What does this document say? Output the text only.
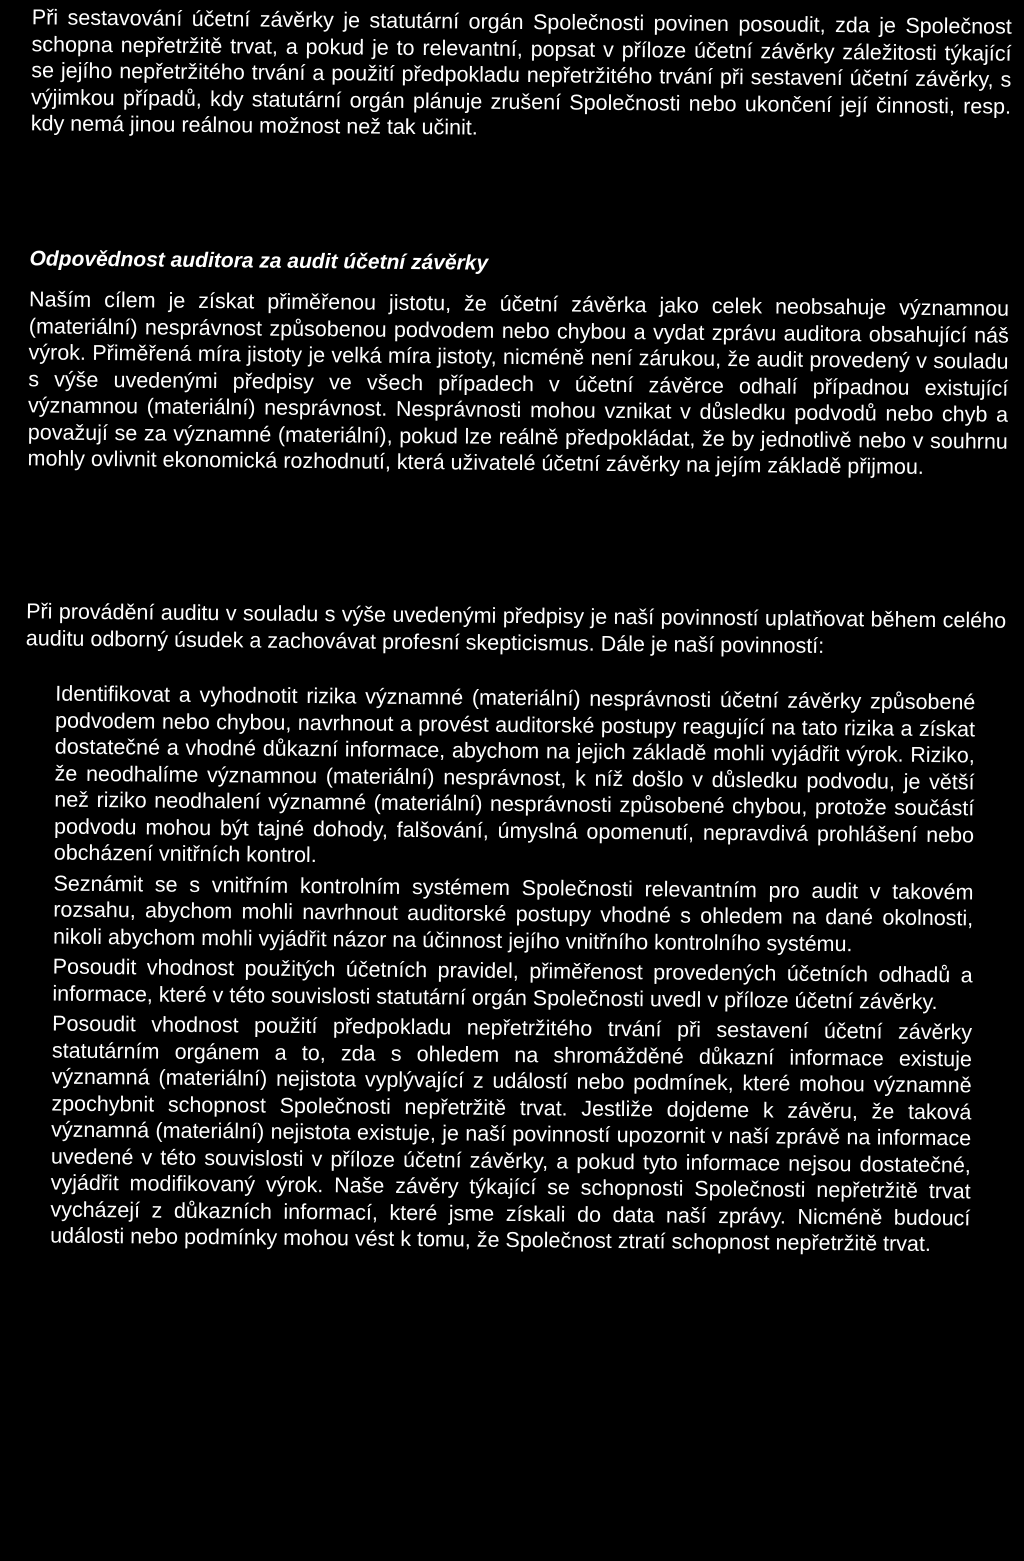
Při sestavování účetní závěrky je statutární orgán Společnosti povinen posoudit, zda je Společnost schopna nepřetržitě trvat, a pokud je to relevantní, popsat v příloze účetní závěrky záležitosti týkající se jejího nepřetržitého trvání a použití předpokladu nepřetržitého trvání při sestavení účetní závěrky, s výjimkou případů, kdy statutární orgán plánuje zrušení Společnosti nebo ukončení její činnosti, resp. kdy nemá jinou reálnou možnost než tak učinit.

Odpovědnost auditora za audit účetní závěrky

Naším cílem je získat přiměřenou jistotu, že účetní závěrka jako celek neobsahuje významnou (materiální) nesprávnost způsobenou podvodem nebo chybou a vydat zprávu auditora obsahující náš výrok. Přiměřená míra jistoty je velká míra jistoty, nicméně není zárukou, že audit provedený v souladu s výše uvedenými předpisy ve všech případech v účetní závěrce odhalí případnou existující významnou (materiální) nesprávnost. Nesprávnosti mohou vznikat v důsledku podvodů nebo chyb a považují se za významné (materiální), pokud lze reálně předpokládat, že by jednotlivě nebo v souhrnu mohly ovlivnit ekonomická rozhodnutí, která uživatelé účetní závěrky na jejím základě přijmou.

Při provádění auditu v souladu s výše uvedenými předpisy je naší povinností uplatňovat během celého auditu odborný úsudek a zachovávat profesní skepticismus. Dále je naší povinností:

Identifikovat a vyhodnotit rizika významné (materiální) nesprávnosti účetní závěrky způsobené podvodem nebo chybou, navrhnout a provést auditorské postupy reagující na tato rizika a získat dostatečné a vhodné důkazní informace, abychom na jejich základě mohli vyjádřit výrok. Riziko, že neodhalíme významnou (materiální) nesprávnost, k níž došlo v důsledku podvodu, je větší než riziko neodhalení významné (materiální) nesprávnosti způsobené chybou, protože součástí podvodu mohou být tajné dohody, falšování, úmyslná opomenutí, nepravdivá prohlášení nebo obcházení vnitřních kontrol.

Seznámit se s vnitřním kontrolním systémem Společnosti relevantním pro audit v takovém rozsahu, abychom mohli navrhnout auditorské postupy vhodné s ohledem na dané okolnosti, nikoli abychom mohli vyjádřit názor na účinnost jejího vnitřního kontrolního systému.

Posoudit vhodnost použitých účetních pravidel, přiměřenost provedených účetních odhadů a informace, které v této souvislosti statutární orgán Společnosti uvedl v příloze účetní závěrky.

Posoudit vhodnost použití předpokladu nepřetržitého trvání při sestavení účetní závěrky statutárním orgánem a to, zda s ohledem na shromážděné důkazní informace existuje významná (materiální) nejistota vyplývající z událostí nebo podmínek, které mohou významně zpochybnit schopnost Společnosti nepřetržitě trvat. Jestliže dojdeme k závěru, že taková významná (materiální) nejistota existuje, je naší povinností upozornit v naší zprávě na informace uvedené v této souvislosti v příloze účetní závěrky, a pokud tyto informace nejsou dostatečné, vyjádřit modifikovaný výrok. Naše závěry týkající se schopnosti Společnosti nepřetržitě trvat vycházejí z důkazních informací, které jsme získali do data naší zprávy. Nicméně budoucí události nebo podmínky mohou vést k tomu, že Společnost ztratí schopnost nepřetržitě trvat.
